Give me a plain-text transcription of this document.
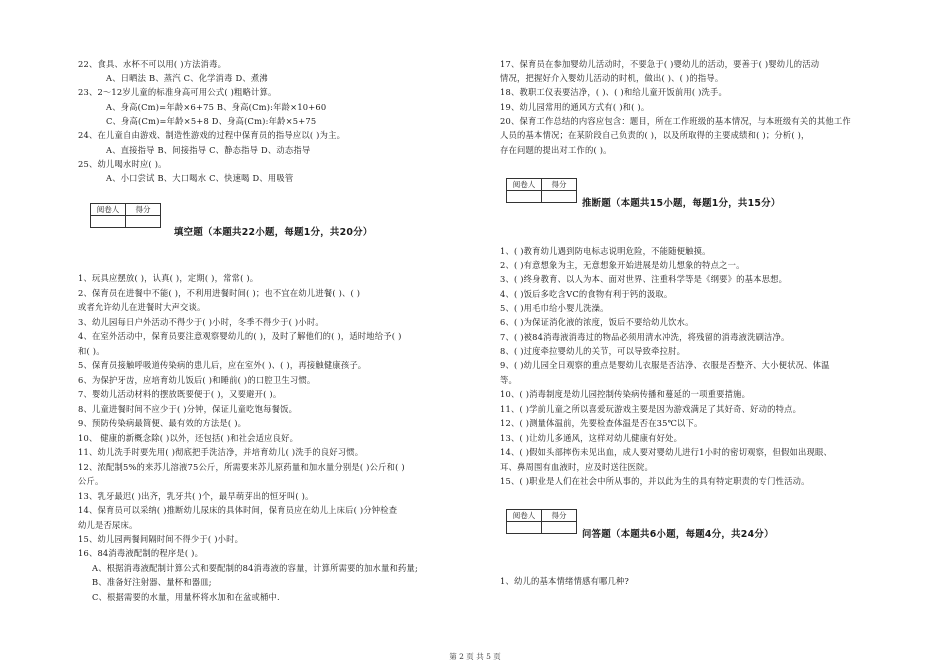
22、食具、水杯不可以用( )方法消毒。
A、日晒法 B、蒸汽 C、化学消毒 D、煮沸
23、2～12岁儿童的标准身高可用公式( )粗略计算。
A、身高(Cm)=年龄×6+75 B、身高(Cm):年龄×10+60
C、身高(Cm)=年龄×5+8 D、身高(Cm):年龄×5+75
24、在儿童自由游戏、制造性游戏的过程中保育员的指导应以( )为主。
A、直接指导 B、间接指导 C、静态指导 D、动态指导
25、幼儿喝水时应( )。
A、小口尝试 B、大口喝水 C、快速喝 D、用吸管
阅卷人	得分

填空题（本题共22小题，每题1分，共20分）
1、玩具应摆放( )，认真( )，定期( )，常常( )。
2、保育员在进餐中不能( )，不利用进餐时间( )；也不宜在幼儿进餐( )、( )
或者允许幼儿在进餐时大声交谈。
3、幼儿园每日户外活动不得少于( )小时，冬季不得少于( )小时。
4、在室外活动中，保育员要注意观察婴幼儿的( )，及时了解他们的( )，适时地给予( )
和( )。
5、保育员接触呼吸道传染病的患儿后，应在室外( )、( )，再接触健康孩子。
6、为保护牙齿，应培育幼儿饭后( )和睡前( )的口腔卫生习惯。
7、婴幼儿活动材料的摆放既要便于( )，又要避开( )。
8、儿童进餐时间不应少于( )分钟，保证儿童吃饱每餐饭。
9、预防传染病最简便、最有效的方法是( )。
10、 健康的新概念除( )以外，还包括( )和社会适应良好。
11、幼儿洗手时要先用( )彻底把手洗洁净，并培育幼儿( )洗手的良好习惯。
12、浓配制5%的来苏儿溶液75公斤，所需要来苏儿原药量和加水量分别是( )公斤和( )
公斤。
13、乳牙最迟( )出齐，乳牙共( )个，最早萌芽出的恒牙叫( )。
14、保育员可以采纳( )推断幼儿尿床的具体时间，保育员应在幼儿上床后( )分钟检查
幼儿是否尿床。
15、幼儿园两餐间隔时间不得少于( )小时。
16、84消毒液配制的程序是( )。
A、根据消毒液配制计算公式和要配制的84消毒液的容量，计算所需要的加水量和药量;
B、准备好注射器、量杯和器皿;
C、根据需要的水量，用量杯将水加和在盆或桶中.
17、保育员在参加婴幼儿活动时，不要急于( )婴幼儿的活动，要善于( )婴幼儿的活动
情况，把握好介入婴幼儿活动的时机，做出( )、( )的指导。
18、教职工仪表要洁净，( )、( )和给儿童开饭前用( )洗手。
19、幼儿园常用的通风方式有( )和( )。
20、保育工作总结的内容应包含：题目，所在工作班级的基本情况，与本班级有关的其他工作
人员的基本情况；在某阶段自己负责的( )，以及所取得的主要成绩和( )；分析( )，
存在问题的提出对工作的( )。
阅卷人	得分

推断题（本题共15小题，每题1分，共15分）
1、( )教育幼儿遇到防电标志说明危险，不能随便触摸。
2、( )有意想象为主，无意想象开始进展是幼儿想象的特点之一。
3、( )终身教育、以人为本、面对世界、注重科学等是《纲要》的基本思想。
4、( )饭后多吃含VC的食物有利于钙的汲取。
5、( )用毛巾给小婴儿洗澡。
6、( )为保证消化液的浓度，饭后不要给幼儿饮水。
7、( )被84消毒液消毒过的物品必须用清水冲洗，将残留的消毒液洗刷洁净。
8、( )过度牵拉婴幼儿的关节，可以导致牵拉肘。
9、( )幼儿园全日观察的重点是婴幼儿衣服是否洁净、衣服是否整齐、大小便状况、体温
等。
10、( )消毒制度是幼儿园控制传染病传播和蔓延的一项重要措施。
11、( )学前儿童之所以喜爱玩游戏主要是因为游戏满足了其好奇、好动的特点。
12、( )测量体温前，先要检查体温是否在35℃以下。
13、( )让幼儿多通风，这样对幼儿健康有好处。
14、( )假如头部摔伤未见出血，成人要对婴幼儿进行1小时的密切观察，但假如出现眼、
耳、鼻周围有血液时，应及时送往医院。
15、( )职业是人们在社会中所从事的，并以此为生的具有特定职责的专门性活动。
阅卷人	得分

问答题（本题共6小题，每题4分，共24分）
1、幼儿的基本情绪情感有哪几种?
第 2 页 共 5 页
